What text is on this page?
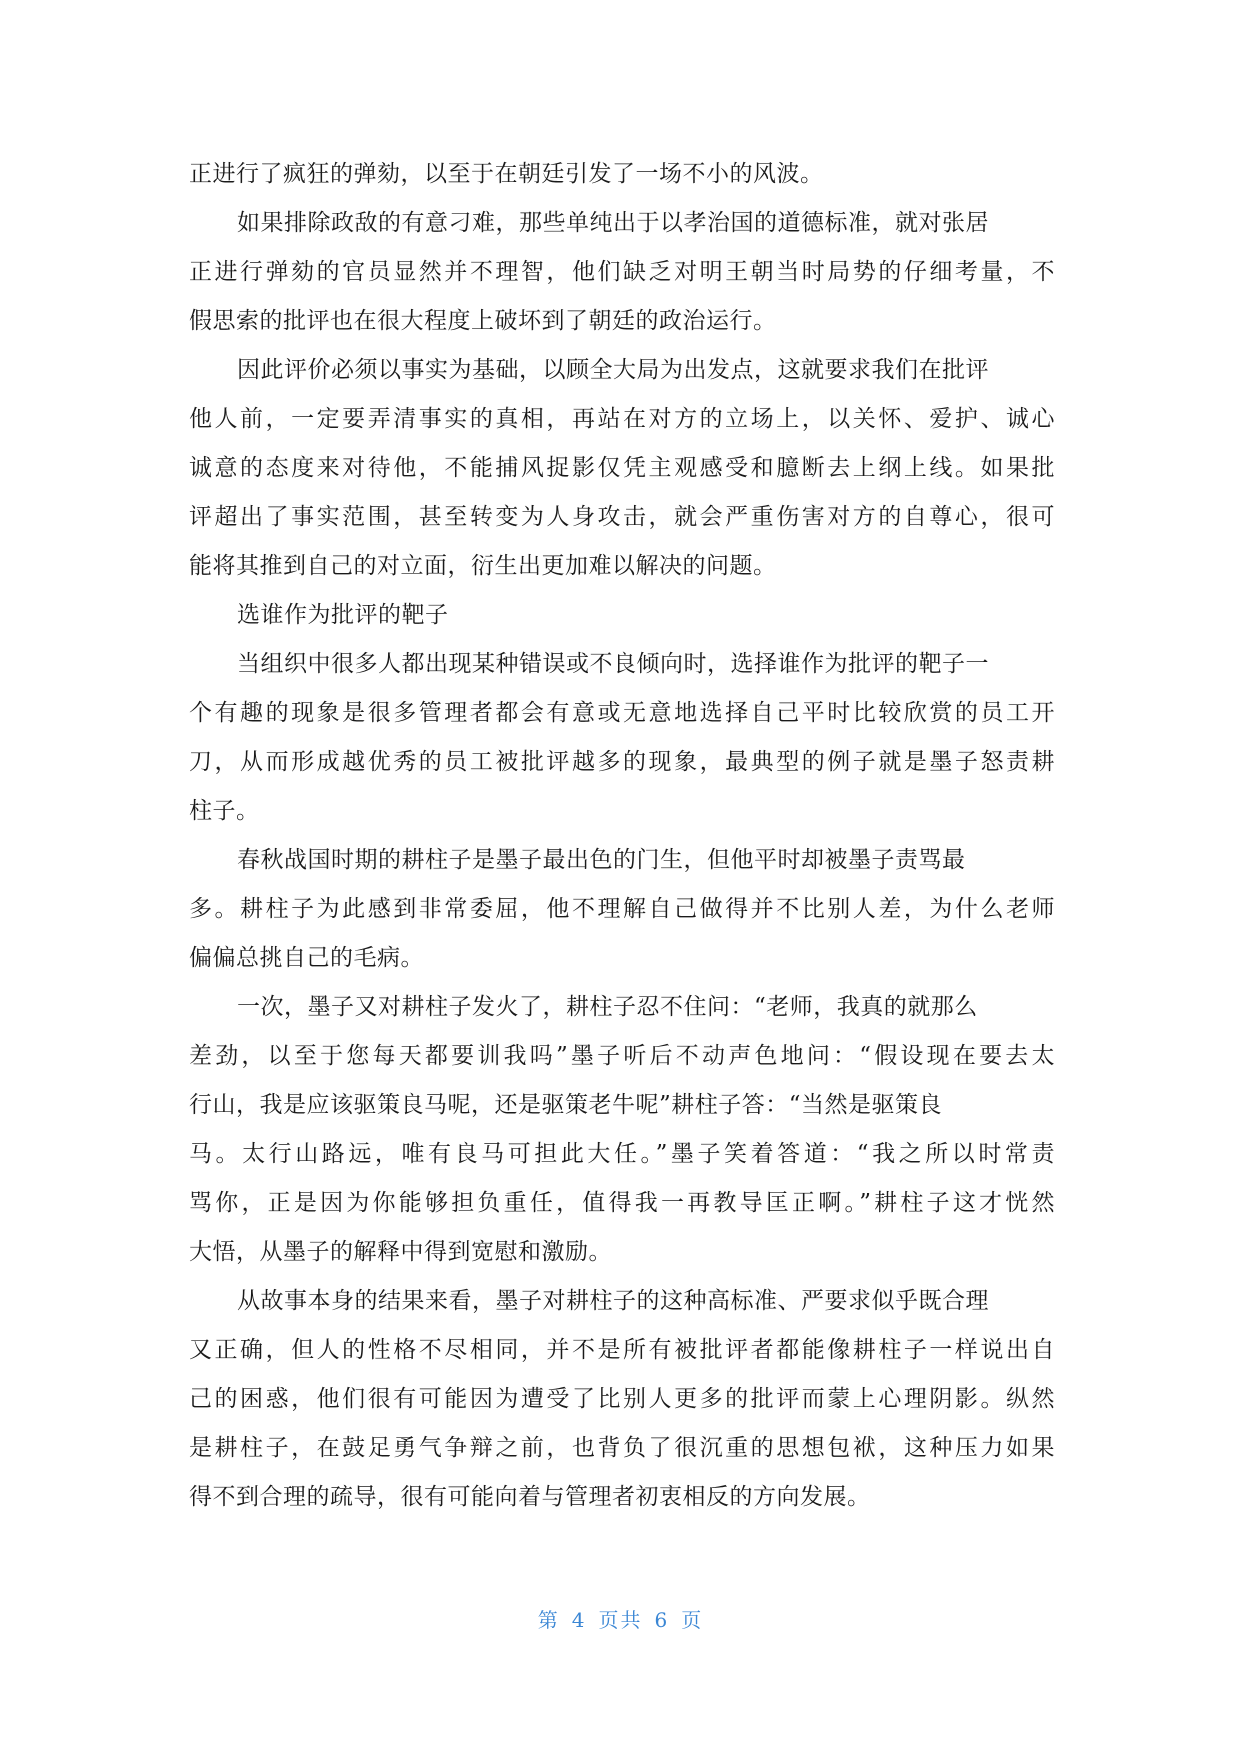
正进行了疯狂的弹劾，以至于在朝廷引发了一场不小的风波。
如果排除政敌的有意刁难，那些单纯出于以孝治国的道德标准，就对张居
正进行弹劾的官员显然并不理智，他们缺乏对明王朝当时局势的仔细考量，不
假思索的批评也在很大程度上破坏到了朝廷的政治运行。
因此评价必须以事实为基础，以顾全大局为出发点，这就要求我们在批评
他人前，一定要弄清事实的真相，再站在对方的立场上，以关怀、爱护、诚心
诚意的态度来对待他，不能捕风捉影仅凭主观感受和臆断去上纲上线。如果批
评超出了事实范围，甚至转变为人身攻击，就会严重伤害对方的自尊心，很可
能将其推到自己的对立面，衍生出更加难以解决的问题。
选谁作为批评的靶子
当组织中很多人都出现某种错误或不良倾向时，选择谁作为批评的靶子一
个有趣的现象是很多管理者都会有意或无意地选择自己平时比较欣赏的员工开
刀，从而形成越优秀的员工被批评越多的现象，最典型的例子就是墨子怒责耕
柱子。
春秋战国时期的耕柱子是墨子最出色的门生，但他平时却被墨子责骂最
多。耕柱子为此感到非常委屈，他不理解自己做得并不比别人差，为什么老师
偏偏总挑自己的毛病。
一次，墨子又对耕柱子发火了，耕柱子忍不住问：“老师，我真的就那么
差劲，以至于您每天都要训我吗”墨子听后不动声色地问：“假设现在要去太
行山，我是应该驱策良马呢，还是驱策老牛呢”耕柱子答：“当然是驱策良
马。太行山路远，唯有良马可担此大任。”墨子笑着答道：“我之所以时常责
骂你，正是因为你能够担负重任，值得我一再教导匡正啊。”耕柱子这才恍然
大悟，从墨子的解释中得到宽慰和激励。
从故事本身的结果来看，墨子对耕柱子的这种高标准、严要求似乎既合理
又正确，但人的性格不尽相同，并不是所有被批评者都能像耕柱子一样说出自
己的困惑，他们很有可能因为遭受了比别人更多的批评而蒙上心理阴影。纵然
是耕柱子，在鼓足勇气争辩之前，也背负了很沉重的思想包袱，这种压力如果
得不到合理的疏导，很有可能向着与管理者初衷相反的方向发展。
第 4 页共 6 页
